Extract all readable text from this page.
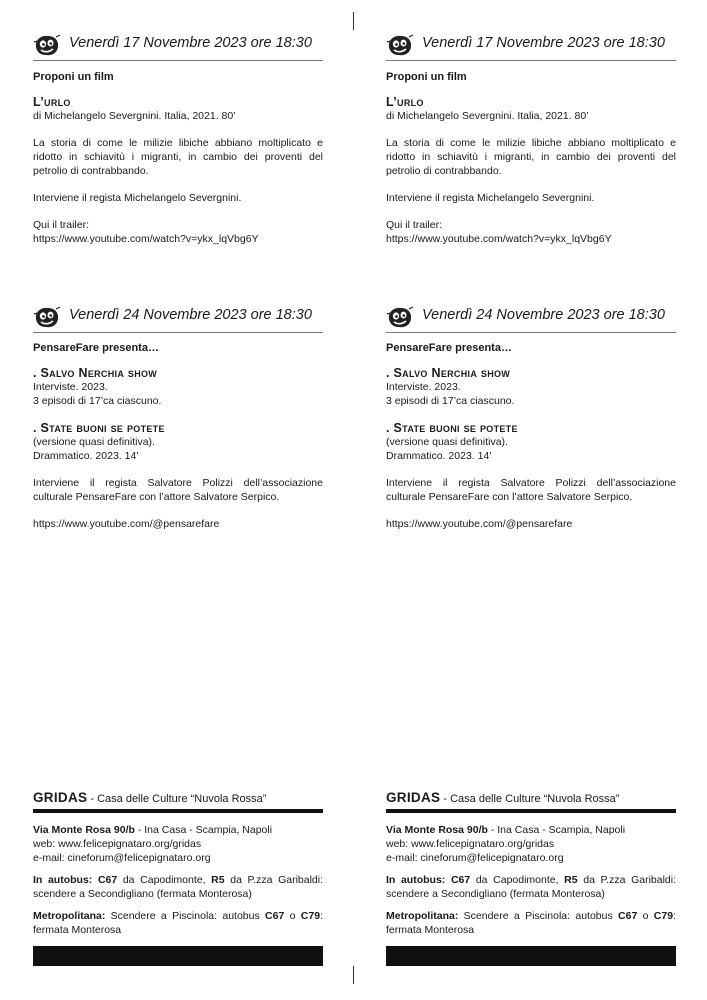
Venerdì 17 Novembre 2023 ore 18:30
Proponi un film
L’urlo
di Michelangelo Severgnini. Italia, 2021. 80’
La storia di come le milizie libiche abbiano moltiplicato e ridotto in schiavitù i migranti, in cambio dei proventi del petrolio di contrabbando.
Interviene il regista Michelangelo Severgnini.
Qui il trailer:
https://www.youtube.com/watch?v=ykx_lqVbg6Y
Venerdì 24 Novembre 2023 ore 18:30
PensareFare presenta…
. Salvo Nerchia show
Interviste. 2023.
3 episodi di 17’ca ciascuno.
. State buoni se potete
(versione quasi definitiva).
Drammatico. 2023. 14’
Interviene il regista Salvatore Polizzi dell’associazione culturale PensareFare con l’attore Salvatore Serpico.
https://www.youtube.com/@pensarefare
GRIDAS - Casa delle Culture “Nuvola Rossa”
Via Monte Rosa 90/b - Ina Casa - Scampia, Napoli
web: www.felicepignataro.org/gridas
e-mail: cineforum@felicepignataro.org
In autobus: C67 da Capodimonte, R5 da P.zza Garibaldi: scendere a Secondigliano (fermata Monterosa)
Metropolitana: Scendere a Piscinola: autobus C67 o C79: fermata Monterosa
Venerdì 17 Novembre 2023 ore 18:30
Proponi un film
L’urlo
di Michelangelo Severgnini. Italia, 2021. 80’
La storia di come le milizie libiche abbiano moltiplicato e ridotto in schiavitù i migranti, in cambio dei proventi del petrolio di contrabbando.
Interviene il regista Michelangelo Severgnini.
Qui il trailer:
https://www.youtube.com/watch?v=ykx_lqVbg6Y
Venerdì 24 Novembre 2023 ore 18:30
PensareFare presenta…
. Salvo Nerchia show
Interviste. 2023.
3 episodi di 17’ca ciascuno.
. State buoni se potete
(versione quasi definitiva).
Drammatico. 2023. 14’
Interviene il regista Salvatore Polizzi dell’associazione culturale PensareFare con l’attore Salvatore Serpico.
https://www.youtube.com/@pensarefare
GRIDAS - Casa delle Culture “Nuvola Rossa”
Via Monte Rosa 90/b - Ina Casa - Scampia, Napoli
web: www.felicepignataro.org/gridas
e-mail: cineforum@felicepignataro.org
In autobus: C67 da Capodimonte, R5 da P.zza Garibaldi: scendere a Secondigliano (fermata Monterosa)
Metropolitana: Scendere a Piscinola: autobus C67 o C79: fermata Monterosa
